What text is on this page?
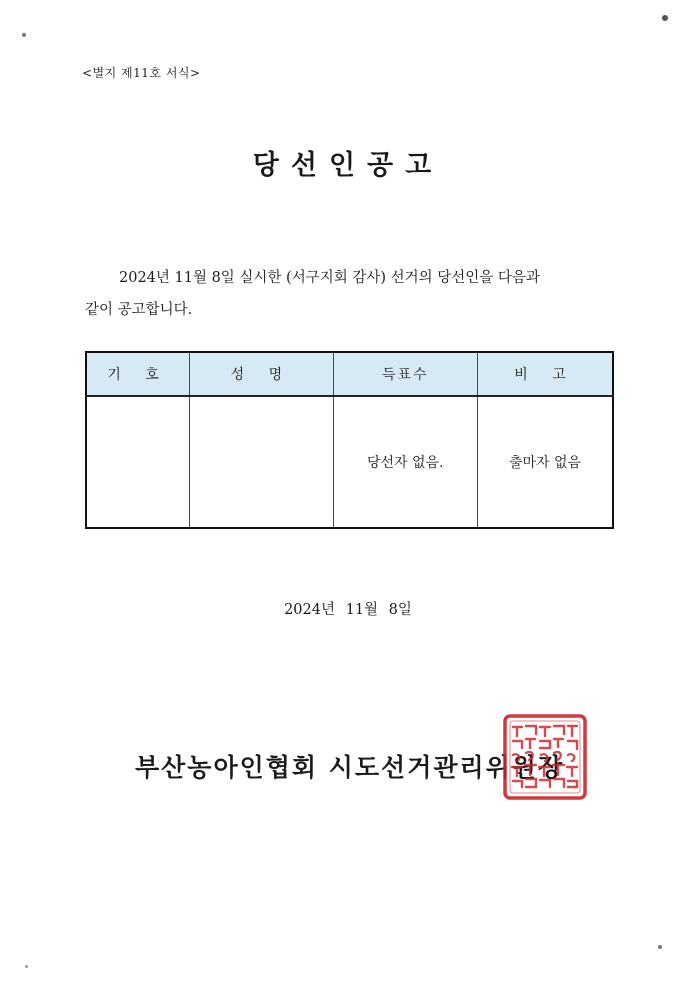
<별지 제11호 서식>
당선인공고
2024년 11월 8일 실시한 (서구지회 감사) 선거의 당선인을 다음과
같이 공고합니다.
기 호	성 명	득표수	비 고
		당선자 없음.	출마자 없음
2024년 11월 8일
부산농아인협회 시도선거관리위원장
